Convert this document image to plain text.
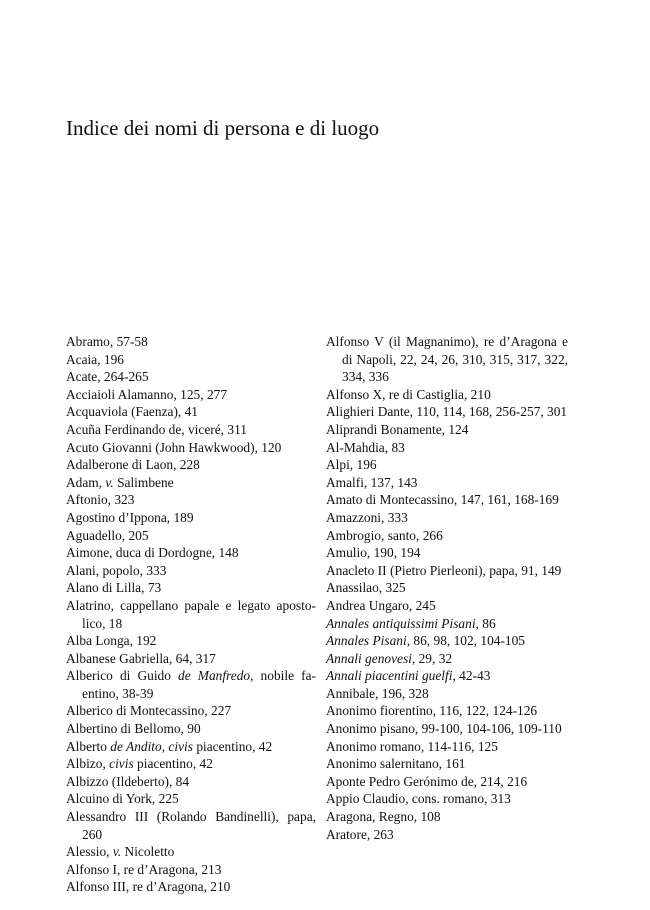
Indice dei nomi di persona e di luogo
Abramo, 57-58
Acaia, 196
Acate, 264-265
Acciaioli Alamanno, 125, 277
Acquaviola (Faenza), 41
Acuña Ferdinando de, viceré, 311
Acuto Giovanni (John Hawkwood), 120
Adalberone di Laon, 228
Adam, v. Salimbene
Aftonio, 323
Agostino d’Ippona, 189
Aguadello, 205
Aimone, duca di Dordogne, 148
Alani, popolo, 333
Alano di Lilla, 73
Alatrino, cappellano papale e legato apostolico, 18
Alba Longa, 192
Albanese Gabriella, 64, 317
Alberico di Guido de Manfredo, nobile faentino, 38-39
Alberico di Montecassino, 227
Albertino di Bellomo, 90
Alberto de Andito, civis piacentino, 42
Albizo, civis piacentino, 42
Albizzo (Ildeberto), 84
Alcuino di York, 225
Alessandro III (Rolando Bandinelli), papa, 260
Alessio, v. Nicoletto
Alfonso I, re d’Aragona, 213
Alfonso III, re d’Aragona, 210
Alfonso V (il Magnanimo), re d’Aragona e di Napoli, 22, 24, 26, 310, 315, 317, 322, 334, 336
Alfonso X, re di Castiglia, 210
Alighieri Dante, 110, 114, 168, 256-257, 301
Aliprandi Bonamente, 124
Al-Mahdia, 83
Alpi, 196
Amalfi, 137, 143
Amato di Montecassino, 147, 161, 168-169
Amazzoni, 333
Ambrogio, santo, 266
Amulio, 190, 194
Anacleto II (Pietro Pierleoni), papa, 91, 149
Anassilao, 325
Andrea Ungaro, 245
Annales antiquissimi Pisani, 86
Annales Pisani, 86, 98, 102, 104-105
Annali genovesi, 29, 32
Annali piacentini guelfi, 42-43
Annibale, 196, 328
Anonimo fiorentino, 116, 122, 124-126
Anonimo pisano, 99-100, 104-106, 109-110
Anonimo romano, 114-116, 125
Anonimo salernitano, 161
Aponte Pedro Gerónimo de, 214, 216
Appio Claudio, cons. romano, 313
Aragona, Regno, 108
Aratore, 263
